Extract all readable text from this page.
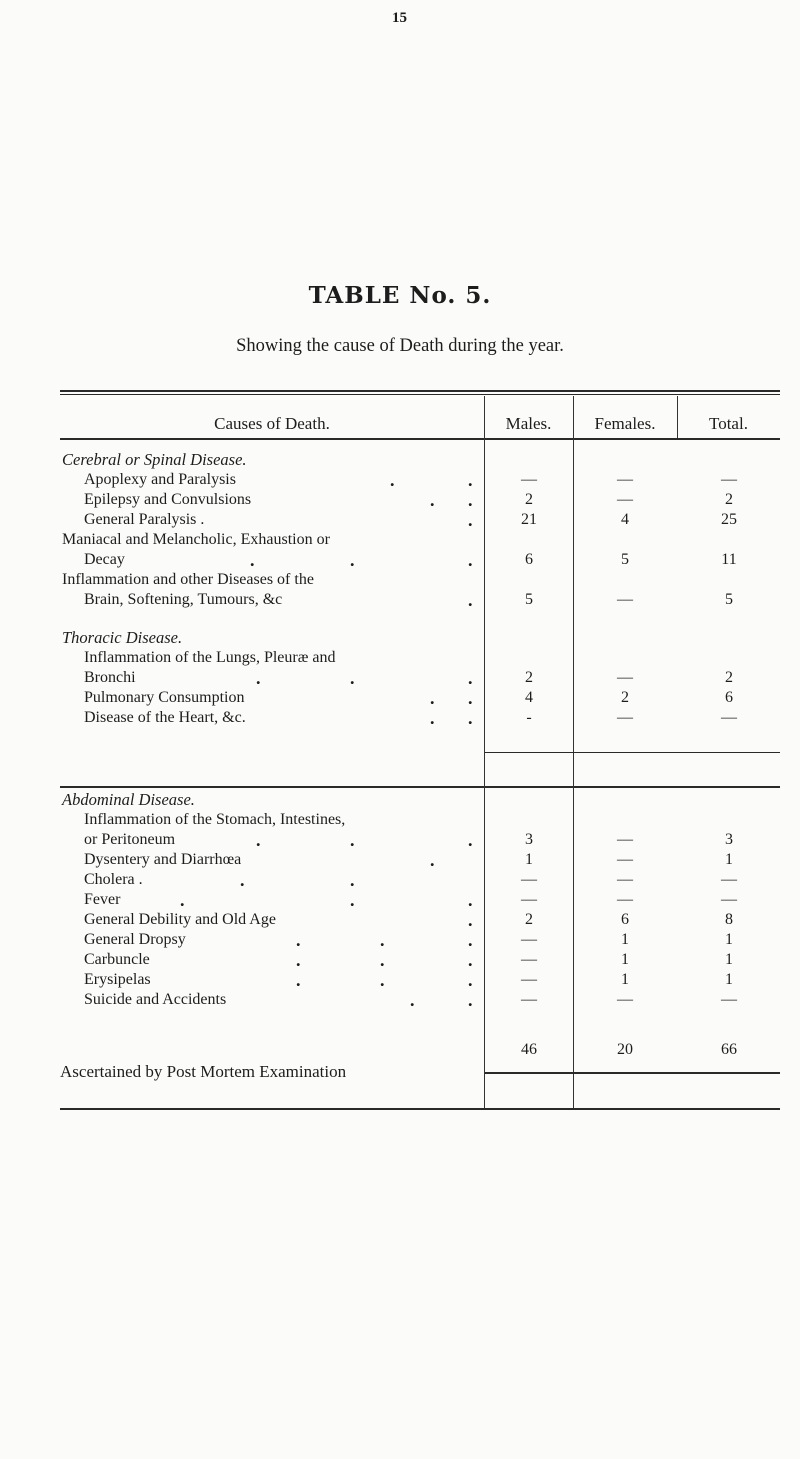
15
TABLE No. 5.
Showing the cause of Death during the year.
Causes of Death.	Males.	Females.	Total.
Cerebral or Spinal Disease.
Apoplexy and Paralysis	.	.	—	—	—
Epilepsy and Convulsions	. .	2	—	2
General Paralysis .	.	21	4	25
Maniacal and Melancholic, Exhaustion or
Decay	.	.	.	6	5	11
Inflammation and other Diseases of the
Brain, Softening, Tumours, &c	.	5	—	5
Thoracic Disease.
Inflammation of the Lungs, Pleuræ and
Bronchi	.	.	.	2	—	2
Pulmonary Consumption	. .	4	2	6
Disease of the Heart, &c.	. .	-	—	—
Abdominal Disease.
Inflammation of the Stomach, Intestines,
or Peritoneum	.	.	.	3	—	3
Dysentery and Diarrhœa	.	1	—	1
Cholera .	.	.	—	—	—
Fever	.	.	.	—	—	—
General Debility and Old Age	.	2	6	8
General Dropsy	.	.	.	—	1	1
Carbuncle	.	.	.	—	1	1
Erysipelas	.	.	.	—	1	1
Suicide and Accidents	.	.	—	—	—
46	20	66
Ascertained by Post Mortem Examination
